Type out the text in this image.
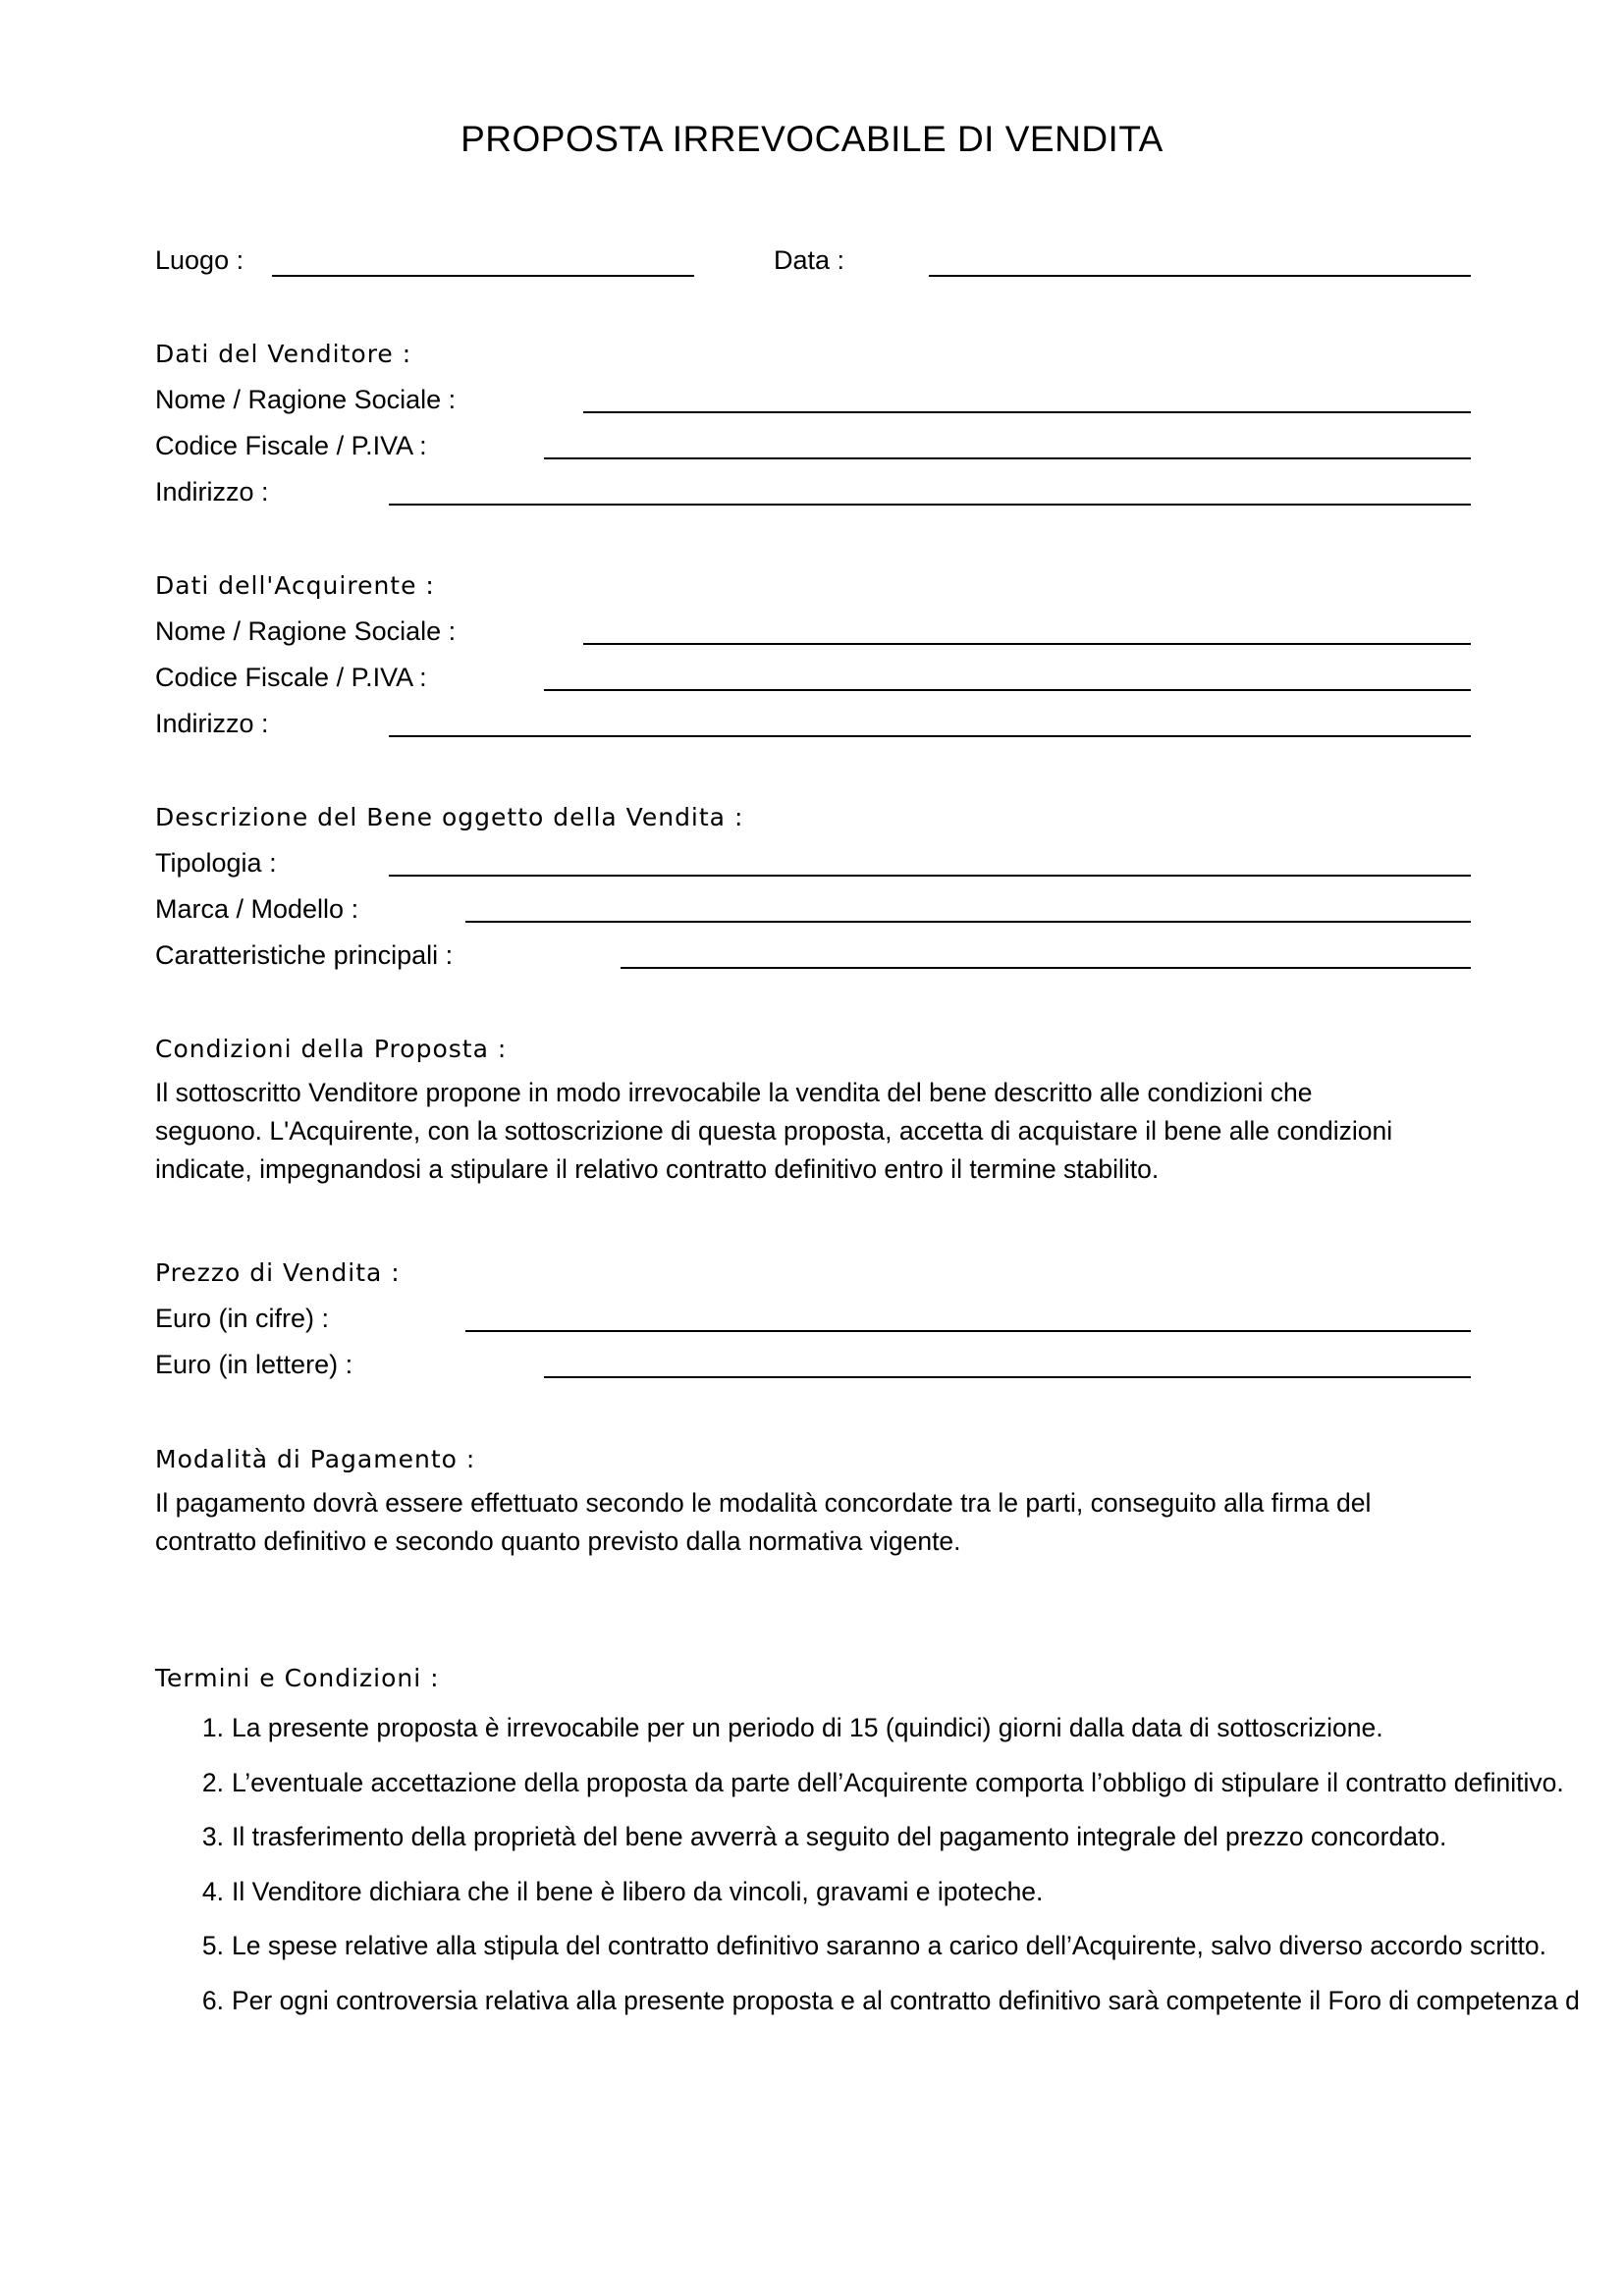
PROPOSTA IRREVOCABILE DI VENDITA
Luogo :	Data :
Dati del Venditore :
Nome / Ragione Sociale :
Codice Fiscale / P.IVA :
Indirizzo :
Dati dell'Acquirente :
Nome / Ragione Sociale :
Codice Fiscale / P.IVA :
Indirizzo :
Descrizione del Bene oggetto della Vendita :
Tipologia :
Marca / Modello :
Caratteristiche principali :
Condizioni della Proposta :

Il sottoscritto Venditore propone in modo irrevocabile la vendita del bene descritto alle condizioni che
seguono. L'Acquirente, con la sottoscrizione di questa proposta, accetta di acquistare il bene alle condizioni
indicate, impegnandosi a stipulare il relativo contratto definitivo entro il termine stabilito.

Prezzo di Vendita :
Euro (in cifre) :
Euro (in lettere) :
Modalità di Pagamento :

Il pagamento dovrà essere effettuato secondo le modalità concordate tra le parti, conseguito alla firma del
contratto definitivo e secondo quanto previsto dalla normativa vigente.

Termini e Condizioni :
1. La presente proposta è irrevocabile per un periodo di 15 (quindici) giorni dalla data di sottoscrizione.
2. L’eventuale accettazione della proposta da parte dell’Acquirente comporta l’obbligo di stipulare il contratto definitivo.
3. Il trasferimento della proprietà del bene avverrà a seguito del pagamento integrale del prezzo concordato.
4. Il Venditore dichiara che il bene è libero da vincoli, gravami e ipoteche.
5. Le spese relative alla stipula del contratto definitivo saranno a carico dell’Acquirente, salvo diverso accordo scritto.
6. Per ogni controversia relativa alla presente proposta e al contratto definitivo sarà competente il Foro di competenza d
